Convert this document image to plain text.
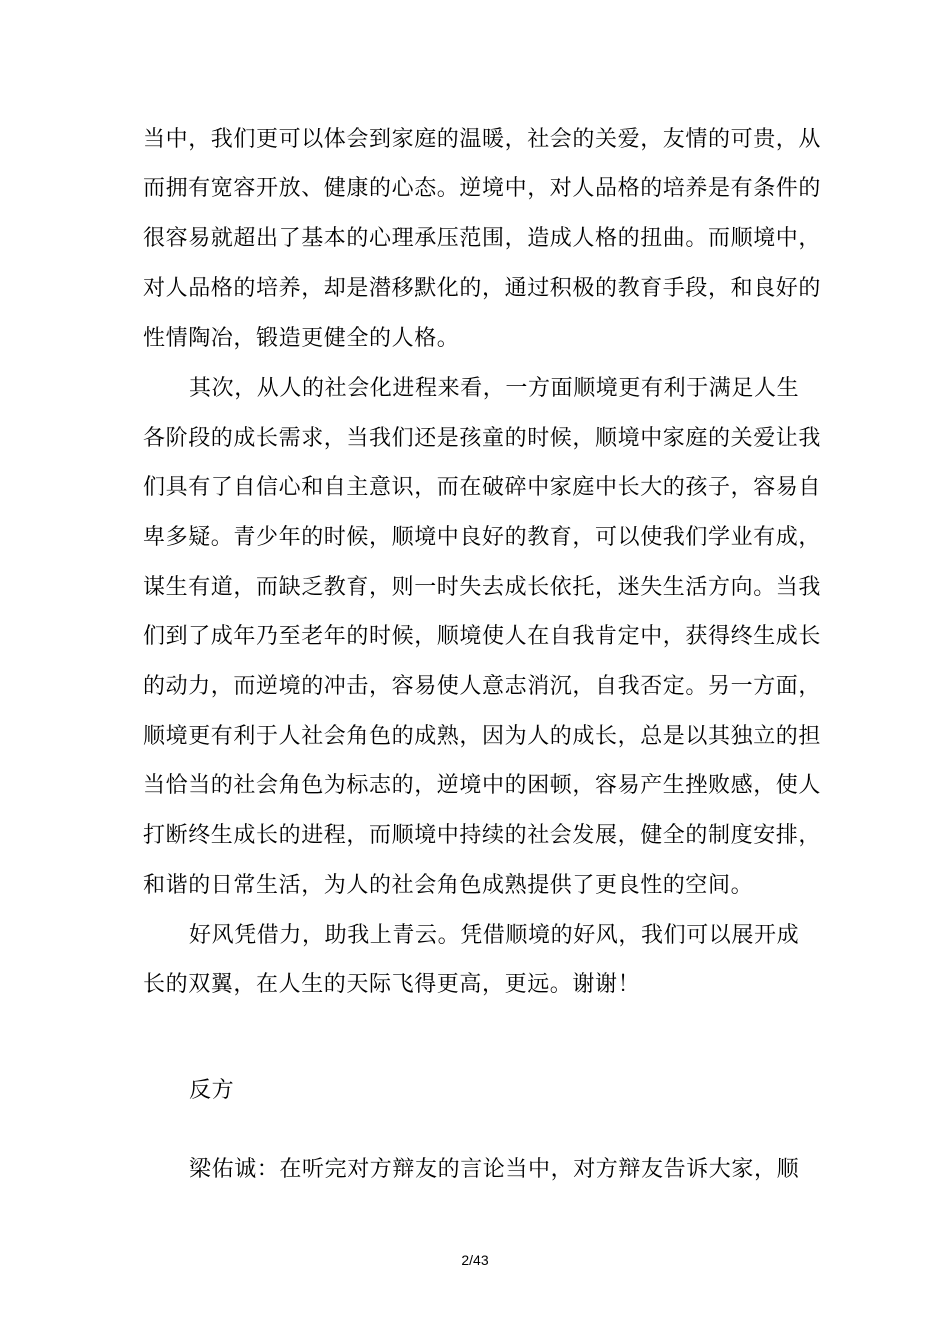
当中，我们更可以体会到家庭的温暖，社会的关爱，友情的可贵，从
而拥有宽容开放、健康的心态。逆境中，对人品格的培养是有条件的
很容易就超出了基本的心理承压范围，造成人格的扭曲。而顺境中，
对人品格的培养，却是潜移默化的，通过积极的教育手段，和良好的
性情陶冶，锻造更健全的人格。
其次，从人的社会化进程来看，一方面顺境更有利于满足人生
各阶段的成长需求，当我们还是孩童的时候，顺境中家庭的关爱让我
们具有了自信心和自主意识，而在破碎中家庭中长大的孩子，容易自
卑多疑。青少年的时候，顺境中良好的教育，可以使我们学业有成，
谋生有道，而缺乏教育，则一时失去成长依托，迷失生活方向。当我
们到了成年乃至老年的时候，顺境使人在自我肯定中，获得终生成长
的动力，而逆境的冲击，容易使人意志消沉，自我否定。另一方面，
顺境更有利于人社会角色的成熟，因为人的成长，总是以其独立的担
当恰当的社会角色为标志的，逆境中的困顿，容易产生挫败感，使人
打断终生成长的进程，而顺境中持续的社会发展，健全的制度安排，
和谐的日常生活，为人的社会角色成熟提供了更良性的空间。
好风凭借力，助我上青云。凭借顺境的好风，我们可以展开成
长的双翼，在人生的天际飞得更高，更远。谢谢！
反方
梁佑诚：在听完对方辩友的言论当中，对方辩友告诉大家，顺
2/43
